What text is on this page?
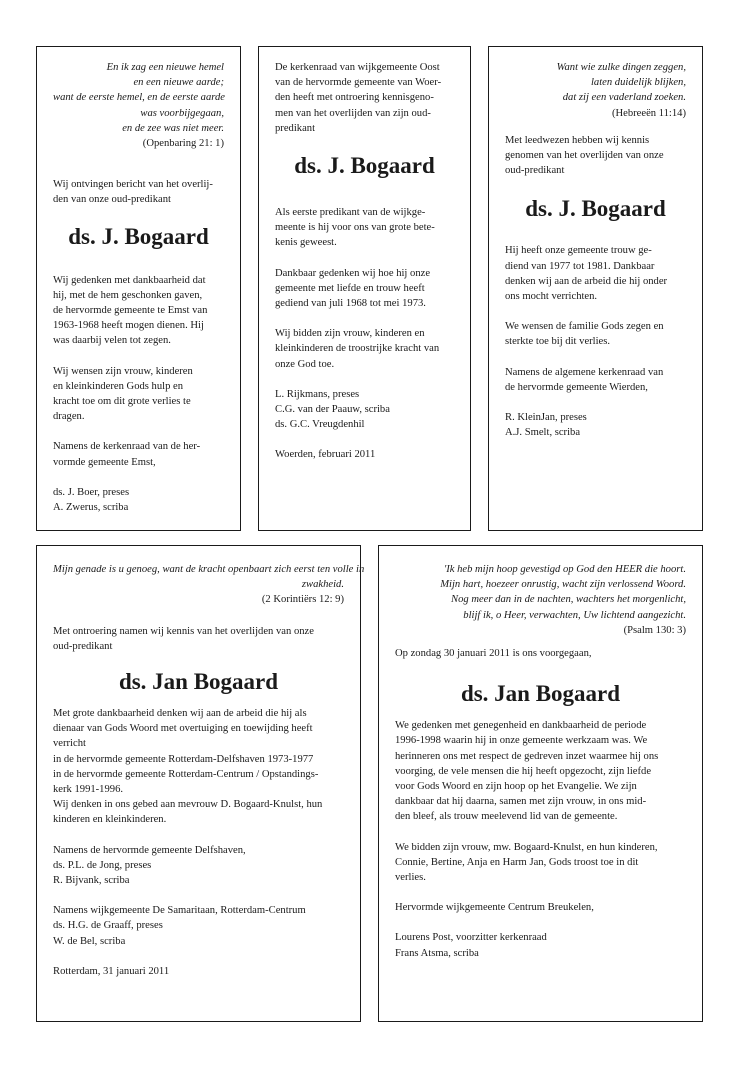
En ik zag een nieuwe hemel
en een nieuwe aarde;
want de eerste hemel, en de eerste aarde
was voorbijgegaan,
en de zee was niet meer.
(Openbaring 21: 1)
Wij ontvingen bericht van het overlij-
den van onze oud-predikant
ds. J. Bogaard
Wij gedenken met dankbaarheid dat
hij, met de hem geschonken gaven,
de hervormde gemeente te Emst van
1963-1968 heeft mogen dienen. Hij
was daarbij velen tot zegen.
Wij wensen zijn vrouw, kinderen
en kleinkinderen Gods hulp en
kracht toe om dit grote verlies te
dragen.
Namens de kerkenraad van de her-
vormde gemeente Emst,
ds. J. Boer, preses
A. Zwerus, scriba
De kerkenraad van wijkgemeente Oost
van de hervormde gemeente van Woer-
den heeft met ontroering kennisgeno-
men van het overlijden van zijn oud-
predikant
ds. J. Bogaard
Als eerste predikant van de wijkge-
meente is hij voor ons van grote bete-
kenis geweest.
Dankbaar gedenken wij hoe hij onze
gemeente met liefde en trouw heeft
gediend van juli 1968 tot mei 1973.
Wij bidden zijn vrouw, kinderen en
kleinkinderen de troostrijke kracht van
onze God toe.
L. Rijkmans, preses
C.G. van der Paauw, scriba
ds. G.C. Vreugdenhil
Woerden, februari 2011
Want wie zulke dingen zeggen,
laten duidelijk blijken,
dat zij een vaderland zoeken.
(Hebreeën 11:14)
Met leedwezen hebben wij kennis
genomen van het overlijden van onze
oud-predikant
ds. J. Bogaard
Hij heeft onze gemeente trouw ge-
diend van 1977 tot 1981. Dankbaar
denken wij aan de arbeid die hij onder
ons mocht verrichten.
We wensen de familie Gods zegen en
sterkte toe bij dit verlies.
Namens de algemene kerkenraad van
de hervormde gemeente Wierden,
R. KleinJan, preses
A.J. Smelt, scriba
Mijn genade is u genoeg, want de kracht openbaart zich eerst ten volle in
zwakheid.
(2 Korintiërs 12: 9)
Met ontroering namen wij kennis van het overlijden van onze
oud-predikant
ds. Jan Bogaard
Met grote dankbaarheid denken wij aan de arbeid die hij als
dienaar van Gods Woord met overtuiging en toewijding heeft
verricht
in de hervormde gemeente Rotterdam-Delfshaven 1973-1977
in de hervormde gemeente Rotterdam-Centrum / Opstandings-
kerk 1991-1996.
Wij denken in ons gebed aan mevrouw D. Bogaard-Knulst, hun
kinderen en kleinkinderen.
Namens de hervormde gemeente Delfshaven,
ds. P.L. de Jong, preses
R. Bijvank, scriba
Namens wijkgemeente De Samaritaan, Rotterdam-Centrum
ds. H.G. de Graaff, preses
W. de Bel, scriba
Rotterdam, 31 januari 2011
'Ik heb mijn hoop gevestigd op God den HEER die hoort.
Mijn hart, hoezeer onrustig, wacht zijn verlossend Woord.
Nog meer dan in de nachten, wachters het morgenlicht,
blijf ik, o Heer, verwachten, Uw lichtend aangezicht.
(Psalm 130: 3)
Op zondag 30 januari 2011 is ons voorgegaan,
ds. Jan Bogaard
We gedenken met genegenheid en dankbaarheid de periode
1996-1998 waarin hij in onze gemeente werkzaam was. We
herinneren ons met respect de gedreven inzet waarmee hij ons
voorging, de vele mensen die hij heeft opgezocht, zijn liefde
voor Gods Woord en zijn hoop op het Evangelie. We zijn
dankbaar dat hij daarna, samen met zijn vrouw, in ons mid-
den bleef, als trouw meelevend lid van de gemeente.
We bidden zijn vrouw, mw. Bogaard-Knulst, en hun kinderen,
Connie, Bertine, Anja en Harm Jan, Gods troost toe in dit
verlies.
Hervormde wijkgemeente Centrum Breukelen,
Lourens Post, voorzitter kerkenraad
Frans Atsma, scriba
